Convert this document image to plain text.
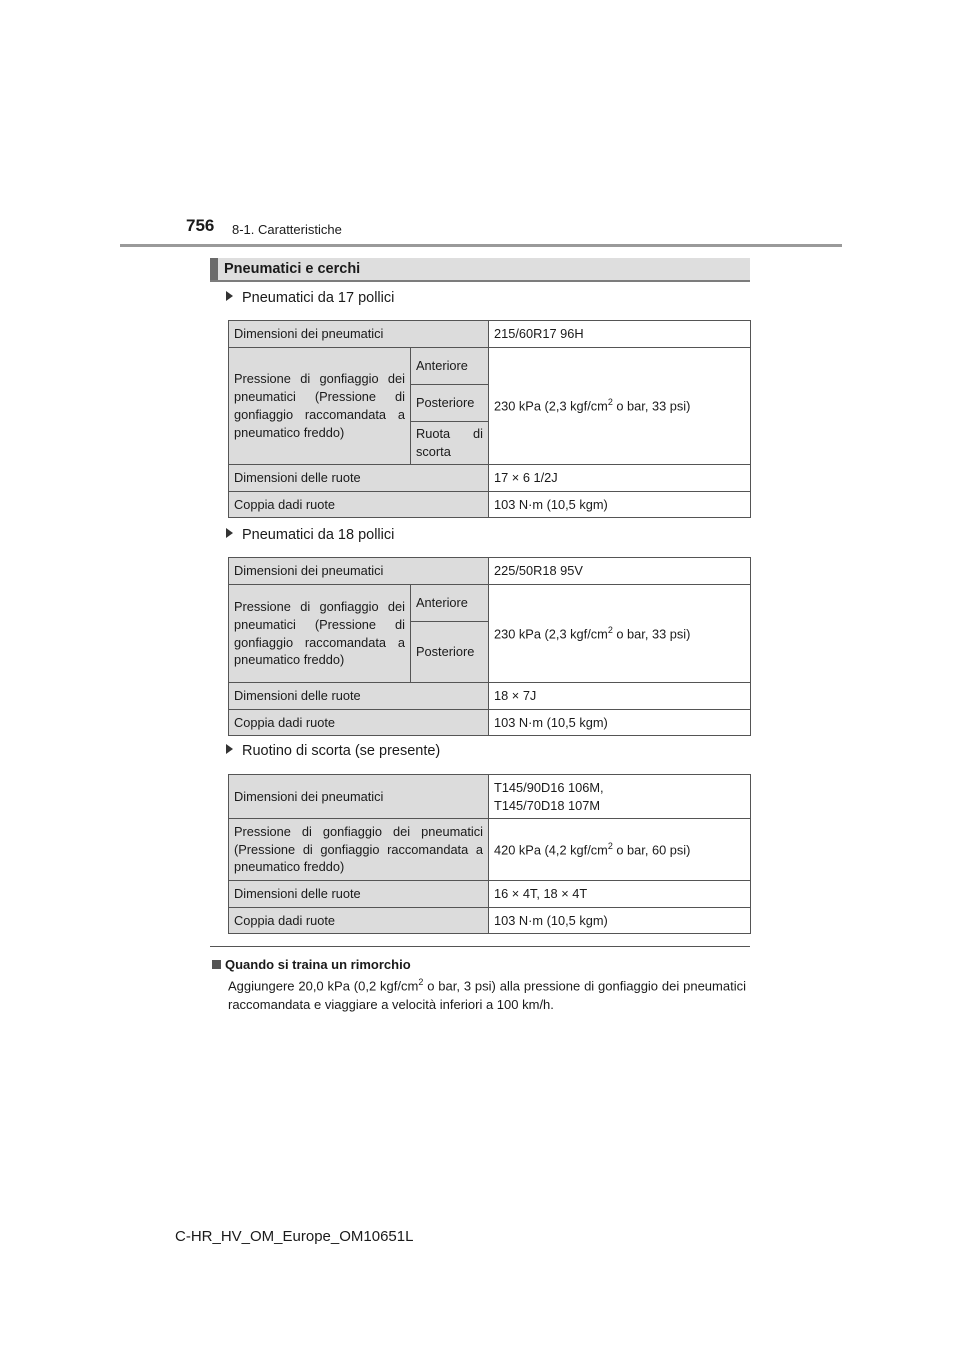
756 8-1. Caratteristiche
Pneumatici e cerchi
Pneumatici da 17 pollici
Dimensioni dei pneumatici		215/60R17 96H
Pressione di gonfiaggio dei pneumatici (Pressione di gonfiaggio raccomandata a pneumatico freddo)	Anteriore	230 kPa (2,3 kgf/$cm^2$ o bar, 33 psi)
	Posteriore	
	Ruota di scorta	
Dimensioni delle ruote		17 × 6 1/2J
Coppia dadi ruote		103 N·m (10,5 kgm)
Pneumatici da 18 pollici
Dimensioni dei pneumatici		225/50R18 95V
Pressione di gonfiaggio dei pneumatici (Pressione di gonfiaggio raccomandata a pneumatico freddo)	Anteriore	230 kPa (2,3 kgf/$cm^2$ o bar, 33 psi)
	Posteriore	
Dimensioni delle ruote		18 × 7J
Coppia dadi ruote		103 N·m (10,5 kgm)
Ruotino di scorta (se presente)
Dimensioni dei pneumatici	T145/90D16 106M,
T145/70D18 107M
Pressione di gonfiaggio dei pneumatici (Pressione di gonfiaggio raccomandata a pneumatico freddo)	420 kPa (4,2 kgf/$cm^2$ o bar, 60 psi)
Dimensioni delle ruote	16 × 4T, 18 × 4T
Coppia dadi ruote	103 N·m (10,5 kgm)
Quando si traina un rimorchio
Aggiungere 20,0 kPa (0,2 kgf/$cm^2$ o bar, 3 psi) alla pressione di gonfiaggio dei pneumatici raccomandata e viaggiare a velocità inferiori a 100 km/h.
C-HR_HV_OM_Europe_OM10651L
